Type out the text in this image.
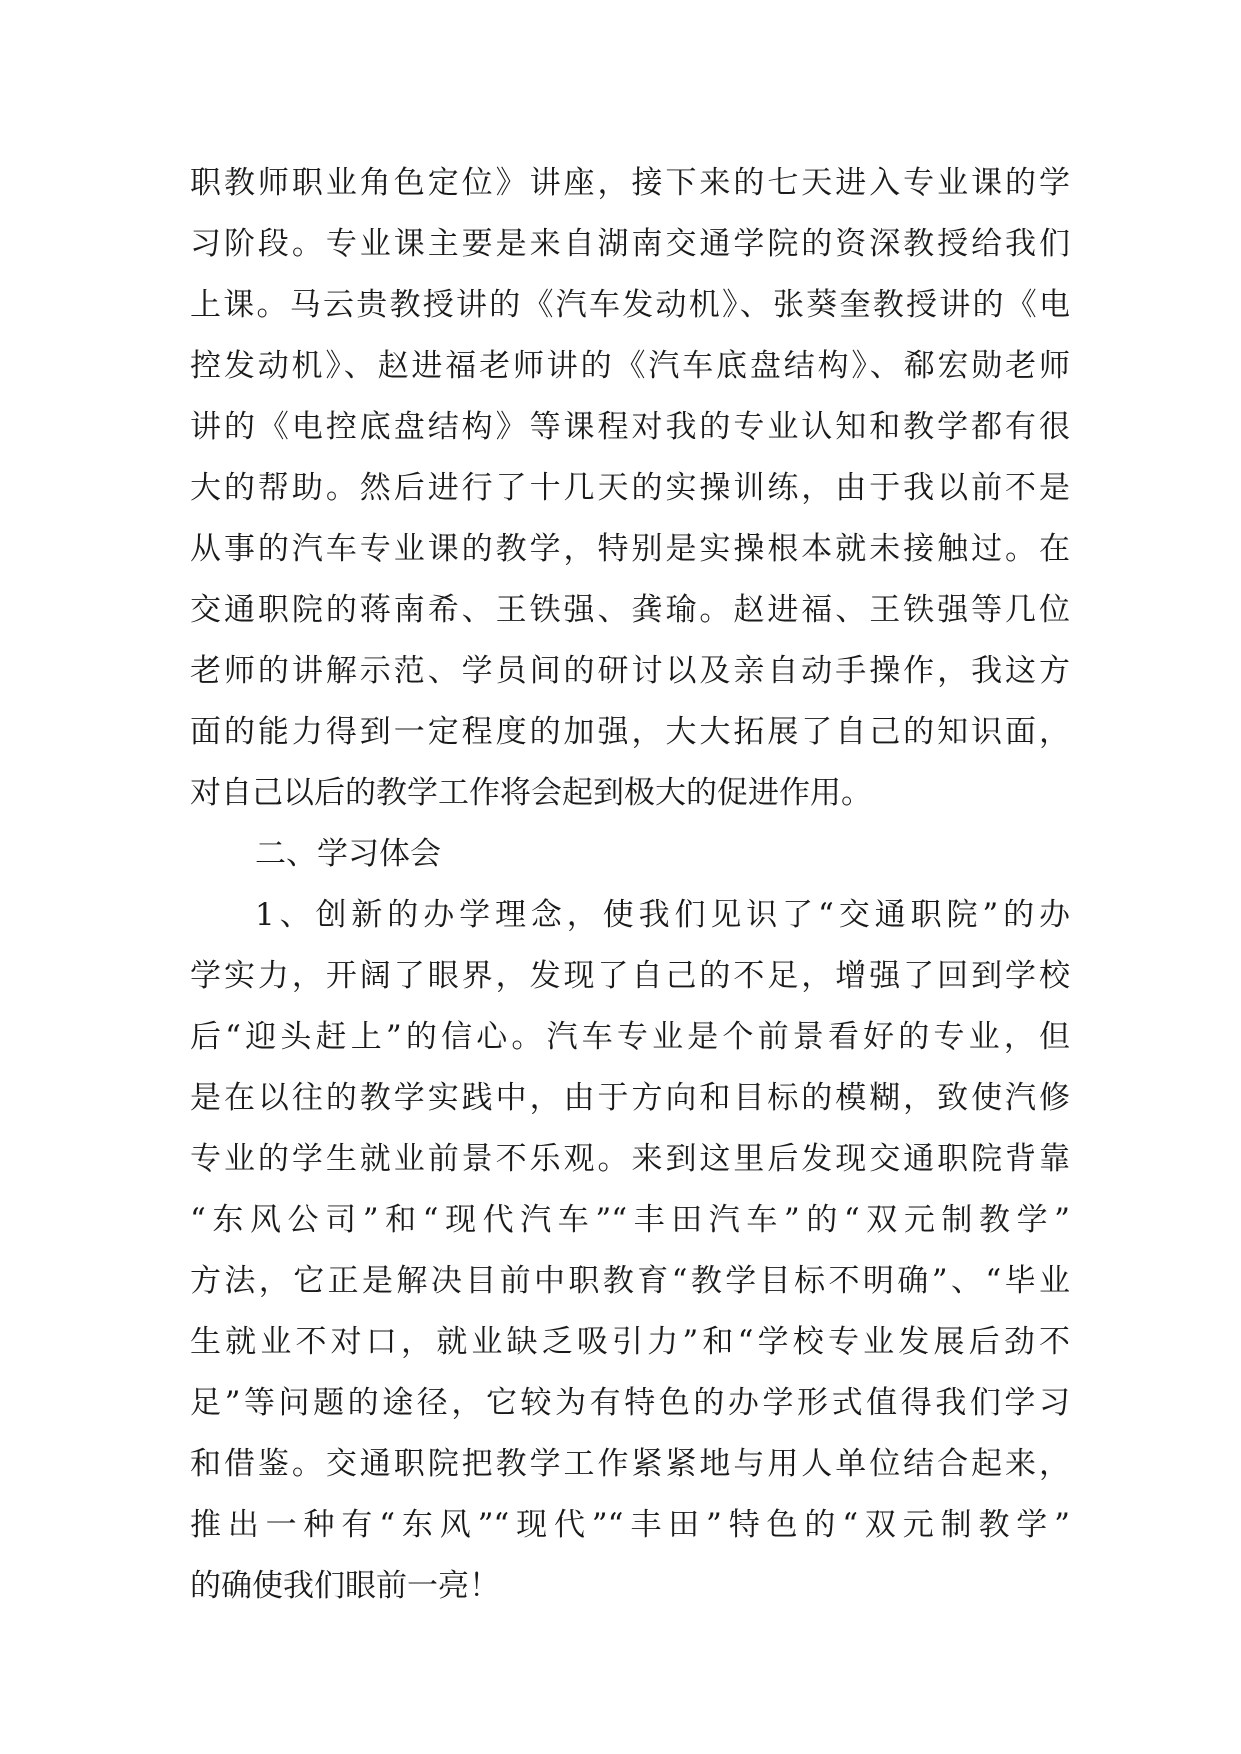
职教师职业角色定位》讲座，接下来的七天进入专业课的学
习阶段。专业课主要是来自湖南交通学院的资深教授给我们
上课。马云贵教授讲的《汽车发动机》、张葵奎教授讲的《电
控发动机》、赵进福老师讲的《汽车底盘结构》、郗宏勋老师
讲的《电控底盘结构》等课程对我的专业认知和教学都有很
大的帮助。然后进行了十几天的实操训练，由于我以前不是
从事的汽车专业课的教学，特别是实操根本就未接触过。在
交通职院的蒋南希、王铁强、龚瑜。赵进福、王铁强等几位
老师的讲解示范、学员间的研讨以及亲自动手操作，我这方
面的能力得到一定程度的加强，大大拓展了自己的知识面，
对自己以后的教学工作将会起到极大的促进作用。
二、学习体会
1、创新的办学理念，使我们见识了“交通职院”的办
学实力，开阔了眼界，发现了自己的不足，增强了回到学校
后“迎头赶上”的信心。汽车专业是个前景看好的专业，但
是在以往的教学实践中，由于方向和目标的模糊，致使汽修
专业的学生就业前景不乐观。来到这里后发现交通职院背靠
“东风公司”和“现代汽车”“丰田汽车”的“双元制教学”
方法，它正是解决目前中职教育“教学目标不明确”、“毕业
生就业不对口，就业缺乏吸引力”和“学校专业发展后劲不
足”等问题的途径，它较为有特色的办学形式值得我们学习
和借鉴。交通职院把教学工作紧紧地与用人单位结合起来，
推出一种有“东风”“现代”“丰田”特色的“双元制教学”
的确使我们眼前一亮！
